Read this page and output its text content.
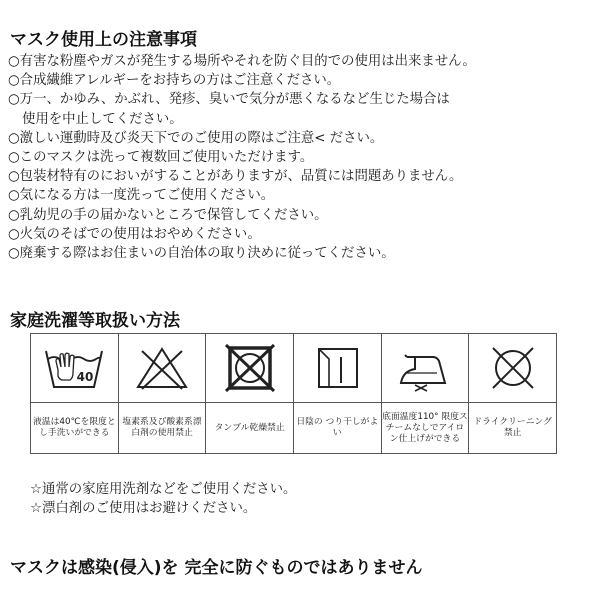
マスク使用上の注意事項
○有害な粉塵やガスが発生する場所やそれを防ぐ目的での使用は出来ません。
○合成繊維アレルギーをお持ちの方はご注意ください。
○万一、かゆみ、かぶれ、発疹、臭いで気分が悪くなるなど生じた場合は
使用を中止してください。
○激しい運動時及び炎天下でのご使用の際はご注意< ださい。
○このマスクは洗って複数回ご使用いただけます。
○包装材特有のにおいがすることがありますが、品質には問題ありません。
○気になる方は一度洗ってご使用ください。
○乳幼児の手の届かないところで保管してください。
○火気のそばでの使用はおやめください。
○廃棄する際はお住まいの自治体の取り決めに従ってください。
家庭洗濯等取扱い方法
40

液温は40℃を限度とし手洗いができる	塩素系及び酸素系漂白剤の使用禁止	タンブル乾燥禁止	日陰の つり干しがよい	底面温度110° 限度スチームなしでアイロン仕上げができる	ドライクリーニング禁止
☆通常の家庭用洗剤などをご使用ください。
☆漂白剤のご使用はお避けください。
マスクは感染(侵入)を 完全に防ぐものではありません
